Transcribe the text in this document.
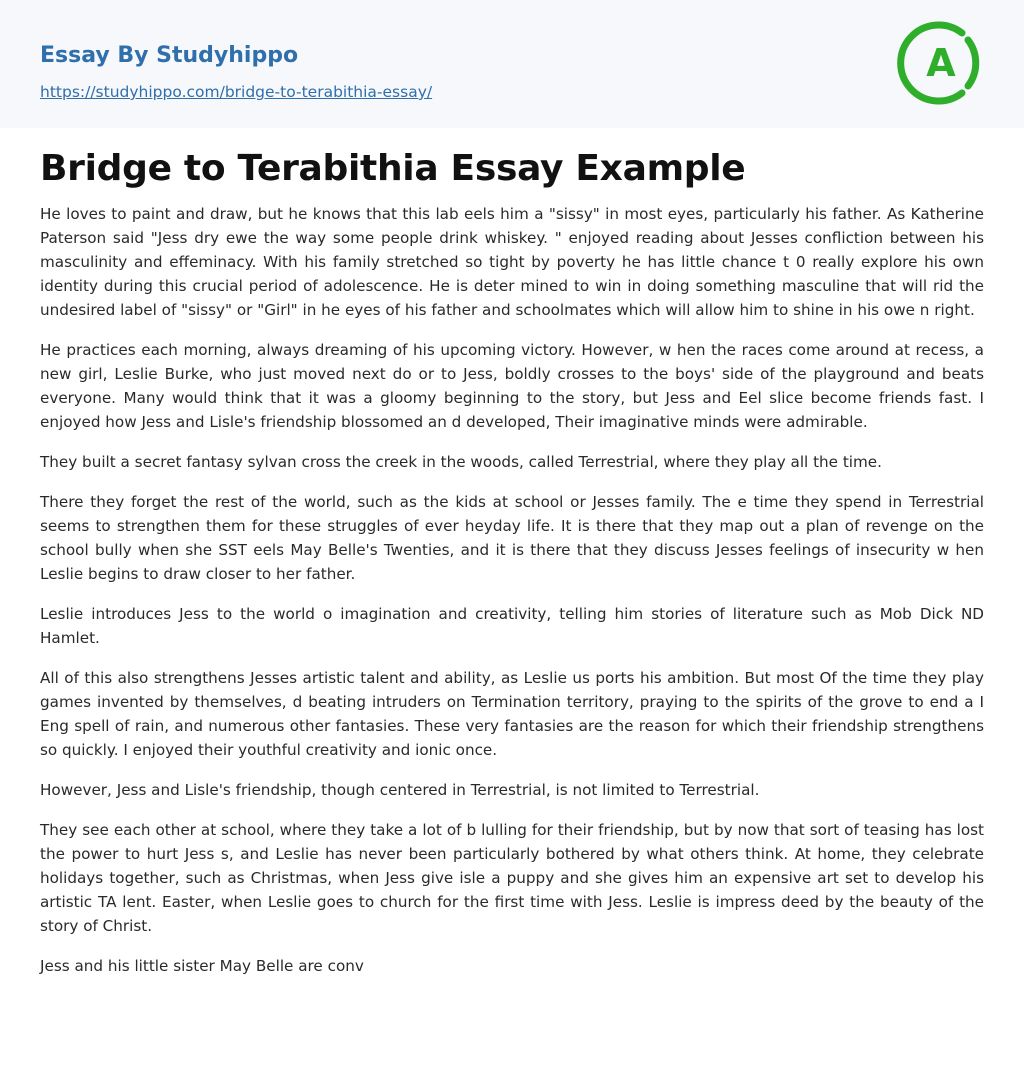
Essay By Studyhippo
https://studyhippo.com/bridge-to-terabithia-essay/
A
Bridge to Terabithia Essay Example

He loves to paint and draw, but he knows that this lab eels him a "sissy" in most eyes, particularly his father. As Katherine Paterson said "Jess dry ewe the way some people drink whiskey. " enjoyed reading about Jesses confliction between his masculinity and effeminacy. With his family stretched so tight by poverty he has little chance t 0 really explore his own identity during this crucial period of adolescence. He is deter mined to win in doing something masculine that will rid the undesired label of "sissy" or "Girl" in he eyes of his father and schoolmates which will allow him to shine in his owe n right.

He practices each morning, always dreaming of his upcoming victory. However, w hen the races come around at recess, a new girl, Leslie Burke, who just moved next do or to Jess, boldly crosses to the boys' side of the playground and beats everyone. Many would think that it was a gloomy beginning to the story, but Jess and Eel slice become friends fast. I enjoyed how Jess and Lisle's friendship blossomed an d developed, Their imaginative minds were admirable.

They built a secret fantasy sylvan cross the creek in the woods, called Terrestrial, where they play all the time.

There they forget the rest of the world, such as the kids at school or Jesses family. The e time they spend in Terrestrial seems to strengthen them for these struggles of ever heyday life. It is there that they map out a plan of revenge on the school bully when she SST eels May Belle's Twenties, and it is there that they discuss Jesses feelings of insecurity w hen Leslie begins to draw closer to her father.

Leslie introduces Jess to the world o imagination and creativity, telling him stories of literature such as Mob Dick ND Hamlet.

All of this also strengthens Jesses artistic talent and ability, as Leslie us ports his ambition. But most Of the time they play games invented by themselves, d beating intruders on Termination territory, praying to the spirits of the grove to end a I Eng spell of rain, and numerous other fantasies. These very fantasies are the reason for which their friendship strengthens so quickly. I enjoyed their youthful creativity and ionic once.

However, Jess and Lisle's friendship, though centered in Terrestrial, is not limited to Terrestrial.

They see each other at school, where they take a lot of b lulling for their friendship, but by now that sort of teasing has lost the power to hurt Jess s, and Leslie has never been particularly bothered by what others think. At home, they celebrate holidays together, such as Christmas, when Jess give isle a puppy and she gives him an expensive art set to develop his artistic TA lent. Easter, when Leslie goes to church for the first time with Jess. Leslie is impress deed by the beauty of the story of Christ.

Jess and his little sister May Belle are conv
